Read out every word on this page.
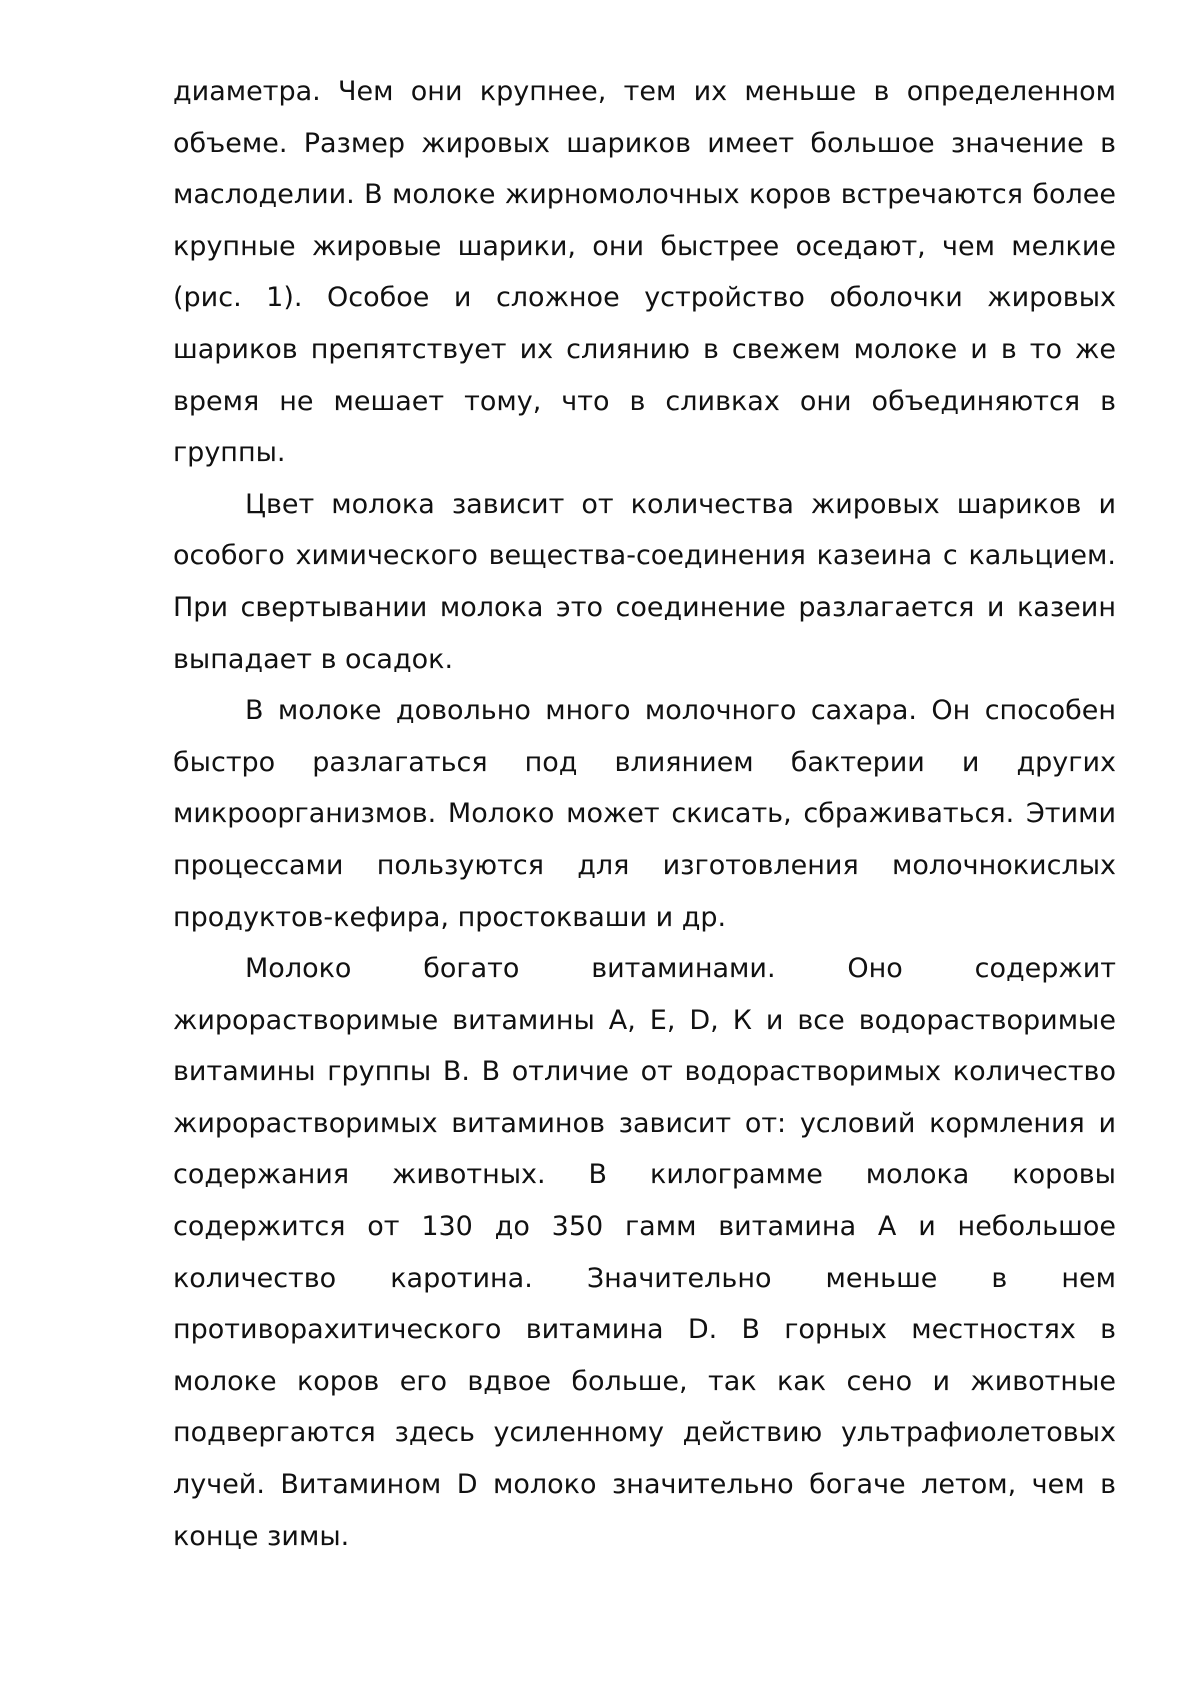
диаметра. Чем они крупнее, тем их меньше в определенном объеме. Размер жировых шариков имеет большое значение в маслоделии. В молоке жирномолочных коров встречаются более крупные жировые шарики, они быстрее оседают, чем мелкие (рис. 1). Особое и сложное устройство оболочки жировых шариков препятствует их слиянию в свежем молоке и в то же время не мешает тому, что в сливках они объединяются в группы.

Цвет молока зависит от количества жировых шариков и особого химического вещества-соединения казеина с кальцием. При свертывании молока это соединение разлагается и казеин выпадает в осадок.

В молоке довольно много молочного сахара. Он способен быстро разлагаться под влиянием бактерии и других микроорганизмов. Молоко может скисать, сбраживаться. Этими процессами пользуются для изготовления молочнокислых продуктов-кефира, простокваши и др.

Молоко богато витаминами. Оно содержит жирорастворимые витамины А, Е, D, К и все водорастворимые витамины группы В. В отличие от водорастворимых количество жирорастворимых витаминов зависит от: условий кормления и содержания животных. В килограмме молока коровы содержится от 130 до 350 гамм витамина А и небольшое количество каротина. Значительно меньше в нем противорахитического витамина D. В горных местностях в молоке коров его вдвое больше, так как сено и животные подвергаются здесь усиленному действию ультрафиолетовых лучей. Витамином D молоко значительно богаче летом, чем в конце зимы.
